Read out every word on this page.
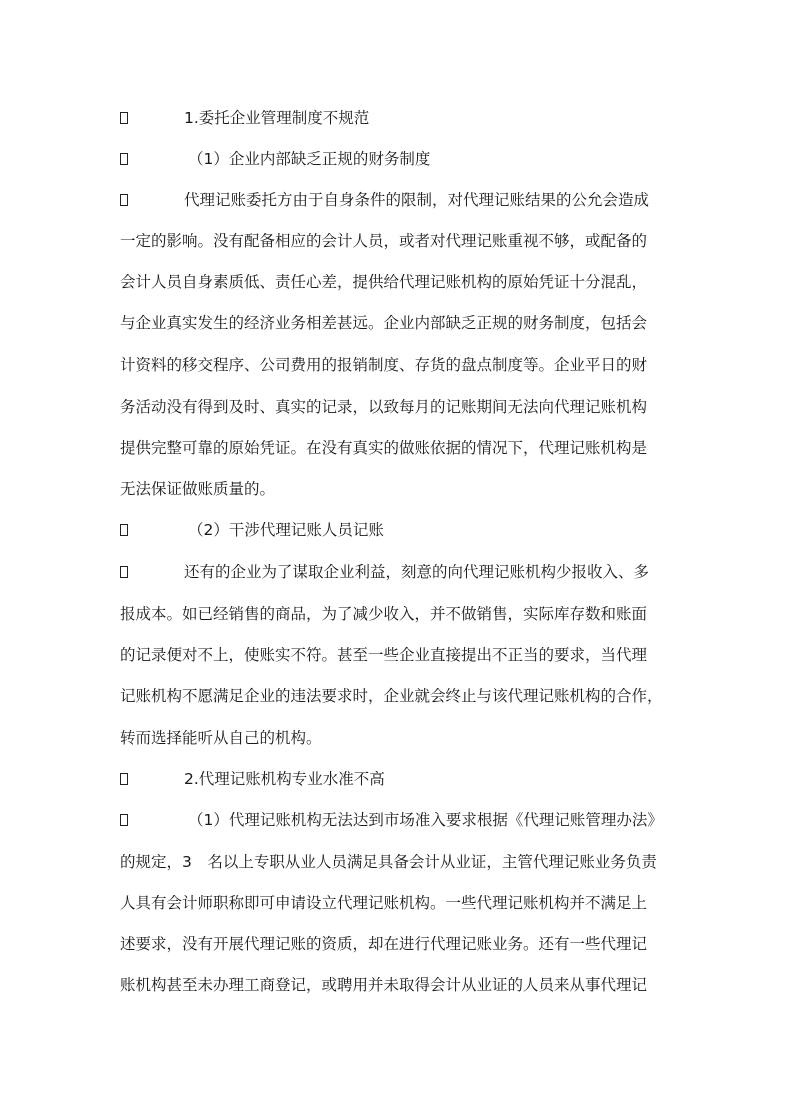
1.委托企业管理制度不规范
（1）企业内部缺乏正规的财务制度
代理记账委托方由于自身条件的限制，对代理记账结果的公允会造成
一定的影响。没有配备相应的会计人员，或者对代理记账重视不够，或配备的
会计人员自身素质低、责任心差，提供给代理记账机构的原始凭证十分混乱，
与企业真实发生的经济业务相差甚远。企业内部缺乏正规的财务制度，包括会
计资料的移交程序、公司费用的报销制度、存货的盘点制度等。企业平日的财
务活动没有得到及时、真实的记录，以致每月的记账期间无法向代理记账机构
提供完整可靠的原始凭证。在没有真实的做账依据的情况下，代理记账机构是
无法保证做账质量的。
（2）干涉代理记账人员记账
还有的企业为了谋取企业利益，刻意的向代理记账机构少报收入、多
报成本。如已经销售的商品，为了减少收入，并不做销售，实际库存数和账面
的记录便对不上，使账实不符。甚至一些企业直接提出不正当的要求，当代理
记账机构不愿满足企业的违法要求时，企业就会终止与该代理记账机构的合作，
转而选择能听从自己的机构。
2.代理记账机构专业水准不高
（1）代理记账机构无法达到市场准入要求根据《代理记账管理办法》
的规定，3　名以上专职从业人员满足具备会计从业证，主管代理记账业务负责
人具有会计师职称即可申请设立代理记账机构。一些代理记账机构并不满足上
述要求，没有开展代理记账的资质，却在进行代理记账业务。还有一些代理记
账机构甚至未办理工商登记，或聘用并未取得会计从业证的人员来从事代理记
